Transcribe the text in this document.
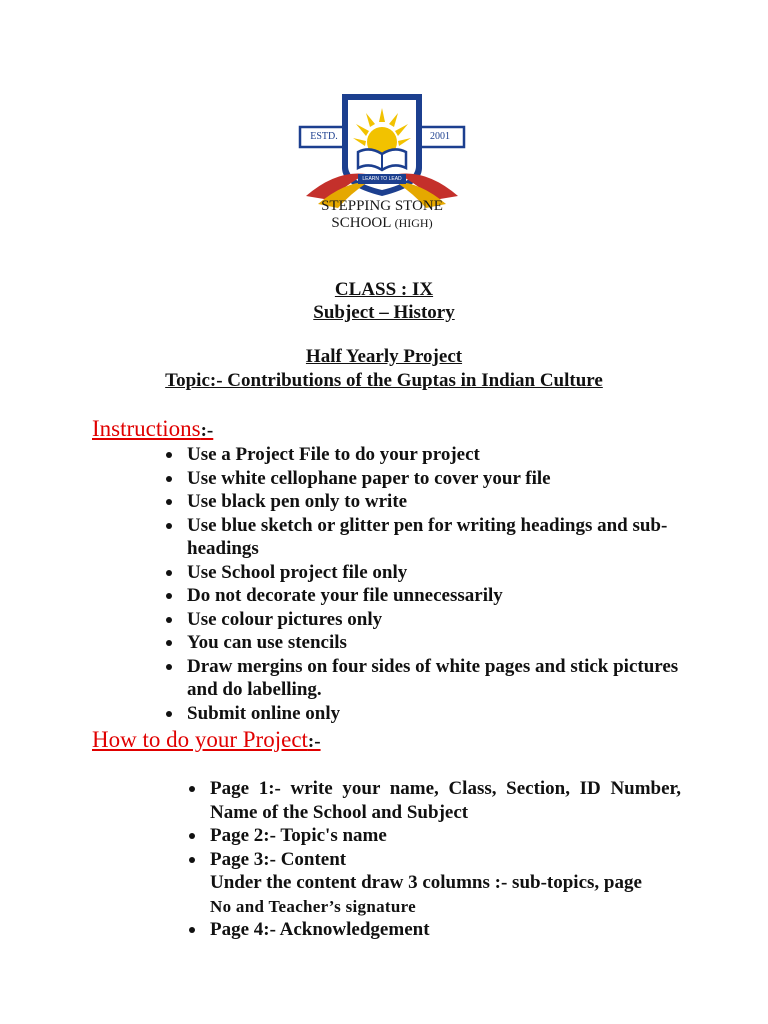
ESTD.	2001
LEARN TO LEAD
STEPPING STONE
SCHOOL (HIGH)
CLASS : IX
Subject – History
Half Yearly Project
Topic:- Contributions of the Guptas in Indian Culture
Instructions:-
Use a Project File to do your project
Use white cellophane paper to cover your file
Use black pen only to write
Use blue sketch or glitter pen for writing headings and sub-headings
Use School project file only
Do not decorate your file unnecessarily
Use colour pictures only
You can use stencils
Draw mergins on four sides of white pages and stick pictures and do labelling.
Submit online only
How to do your Project:-
Page 1:- write your name, Class, Section, ID Number, Name of the School and Subject
Page 2:- Topic's name
Page 3:- Content
Under the content draw 3 columns :- sub-topics, page
No and Teacher’s signature
Page 4:- Acknowledgement
